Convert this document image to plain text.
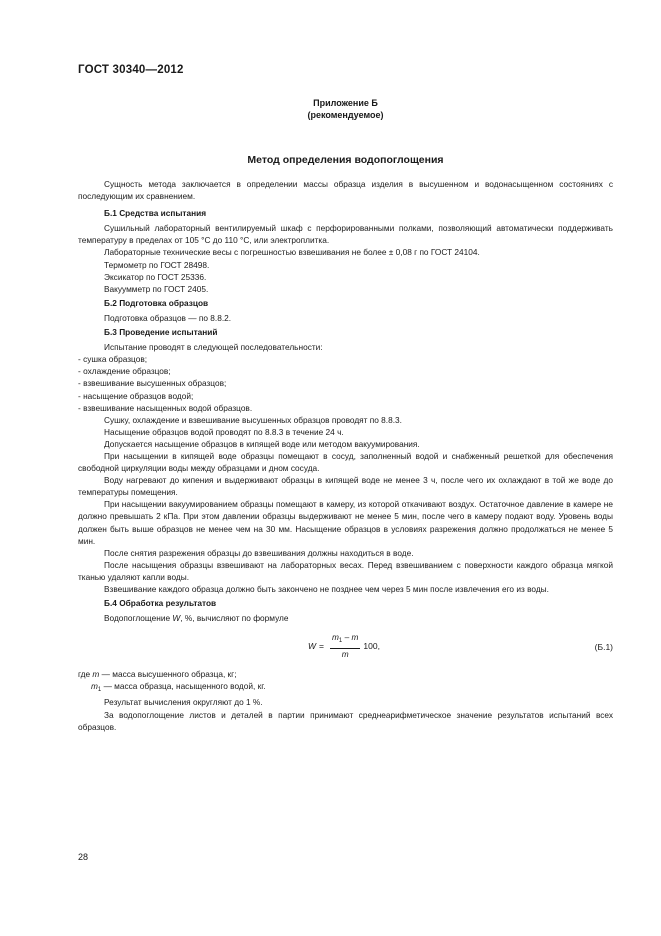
ГОСТ 30340—2012
Приложение Б
(рекомендуемое)
Метод определения водопоглощения

Сущность метода заключается в определении массы образца изделия в высушенном и водонасыщенном состояниях с последующим их сравнением.

Б.1 Средства испытания

Сушильный лабораторный вентилируемый шкаф с перфорированными полками, позволяющий автоматически поддерживать температуру в пределах от 105 °С до 110 °С, или электроплитка.

Лабораторные технические весы с погрешностью взвешивания не более ± 0,08 г по ГОСТ 24104.

Термометр по ГОСТ 28498.

Эксикатор по ГОСТ 25336.

Вакуумметр по ГОСТ 2405.

Б.2 Подготовка образцов

Подготовка образцов — по 8.8.2.

Б.3 Проведение испытаний

Испытание проводят в следующей последовательности:

- сушка образцов;
- охлаждение образцов;
- взвешивание высушенных образцов;
- насыщение образцов водой;
- взвешивание насыщенных водой образцов.

Сушку, охлаждение и взвешивание высушенных образцов проводят по 8.8.3.

Насыщение образцов водой проводят по 8.8.3 в течение 24 ч.

Допускается насыщение образцов в кипящей воде или методом вакуумирования.

При насыщении в кипящей воде образцы помещают в сосуд, заполненный водой и снабженный решеткой для обеспечения свободной циркуляции воды между образцами и дном сосуда.

Воду нагревают до кипения и выдерживают образцы в кипящей воде не менее 3 ч, после чего их охлаждают в той же воде до температуры помещения.

При насыщении вакуумированием образцы помещают в камеру, из которой откачивают воздух. Остаточное давление в камере не должно превышать 2 кПа. При этом давлении образцы выдерживают не менее 5 мин, после чего в камеру подают воду. Уровень воды должен быть выше образцов не менее чем на 30 мм. Насыщение образцов в условиях разрежения должно продолжаться не менее 5 мин.

После снятия разрежения образцы до взвешивания должны находиться в воде.

После насыщения образцы взвешивают на лабораторных весах. Перед взвешиванием с поверхности каждого образца мягкой тканью удаляют капли воды.

Взвешивание каждого образца должно быть закончено не позднее чем через 5 мин после извлечения его из воды.

Б.4 Обработка результатов

Водопоглощение W, %, вычисляют по формуле

$W = \frac{m_1 - m}{m} 100$,	(Б.1)

где m — масса высушенного образца, кг;

$m_1$ — масса образца, насыщенного водой, кг.

Результат вычисления округляют до 1 %.

За водопоглощение листов и деталей в партии принимают среднеарифметическое значение результатов испытаний всех образцов.

28
